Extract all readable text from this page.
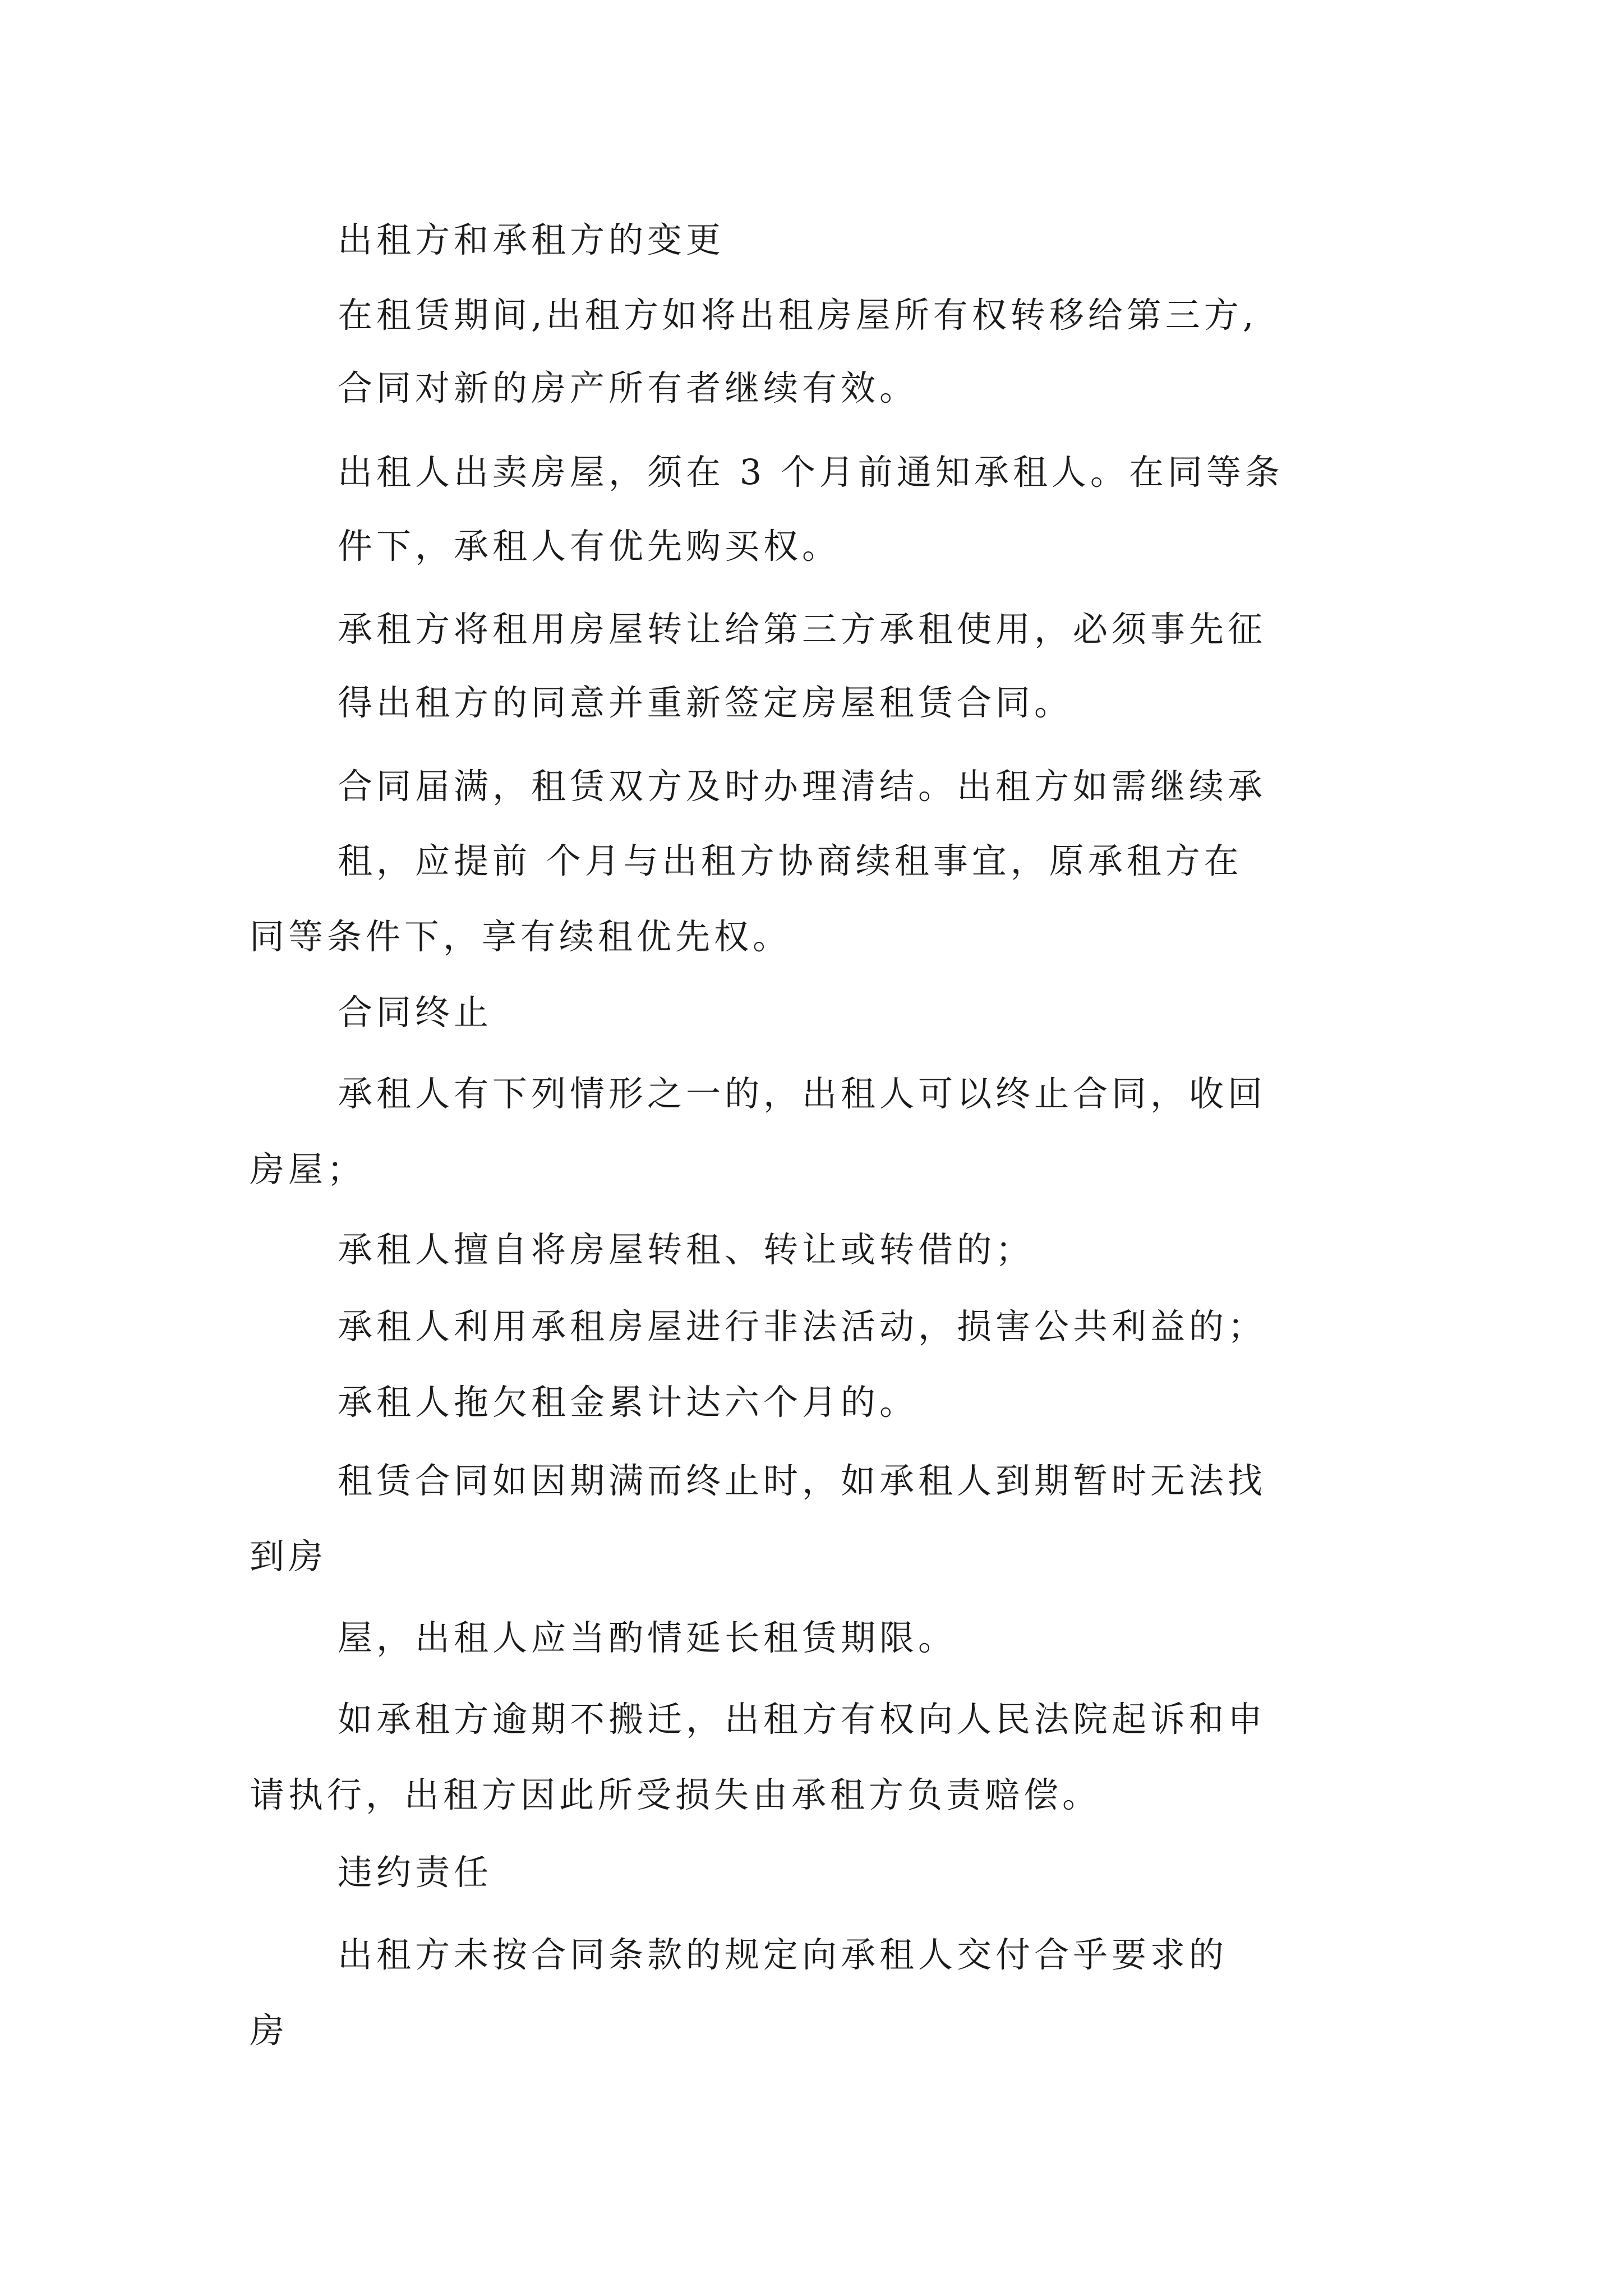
出租方和承租方的变更
在租赁期间,出租方如将出租房屋所有权转移给第三方,
合同对新的房产所有者继续有效。
出租人出卖房屋，须在 3 个月前通知承租人。在同等条
件下，承租人有优先购买权。
承租方将租用房屋转让给第三方承租使用，必须事先征
得出租方的同意并重新签定房屋租赁合同。
合同届满，租赁双方及时办理清结。出租方如需继续承
租，应提前 个月与出租方协商续租事宜，原承租方在
同等条件下，享有续租优先权。
合同终止
承租人有下列情形之一的，出租人可以终止合同，收回
房屋；
承租人擅自将房屋转租、转让或转借的；
承租人利用承租房屋进行非法活动，损害公共利益的；
承租人拖欠租金累计达六个月的。
租赁合同如因期满而终止时，如承租人到期暂时无法找
到房
屋，出租人应当酌情延长租赁期限。
如承租方逾期不搬迁，出租方有权向人民法院起诉和申
请执行，出租方因此所受损失由承租方负责赔偿。
违约责任
出租方未按合同条款的规定向承租人交付合乎要求的
房
